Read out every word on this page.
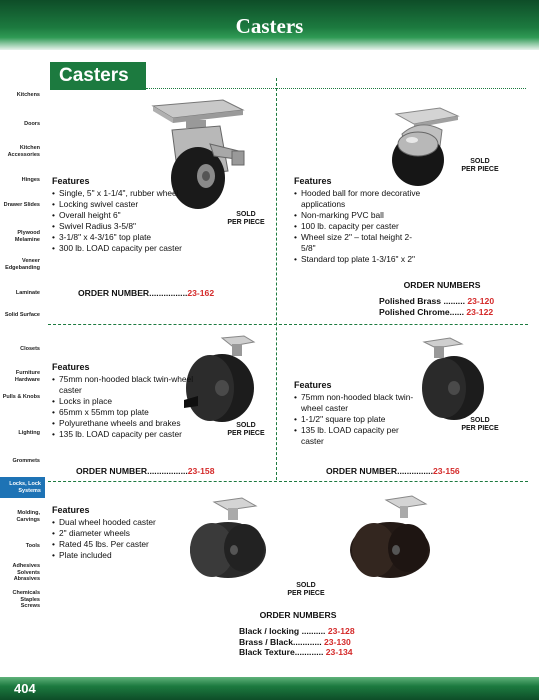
Casters
Kitchens
Doors
Kitchen Accessories
Hinges
Drawer Slides
Plywood Melamine
Veneer Edgebanding
Laminate
Solid Surface
Closets
Furniture Hardware
Pulls & Knobs
Lighting
Grommets
Locks, Lock Systems
Molding, Carvings
Tools
Adhesives Solvents Abrasives
Chemicals Staples Screws
Casters
Features
• Single, 5" x 1-1/4", rubber wheel
• Locking swivel caster
• Overall height 6"
• Swivel Radius 3-5/8"
• 3-1/8" x 4-3/16" top plate
• 300 lb. LOAD capacity per caster
SOLD
PER PIECE
ORDER NUMBER................23-162
SOLD
PER PIECE
Features
• Hooded ball for more decorative applications
• Non-marking PVC ball
• 100 lb. capacity per caster
• Wheel size 2" – total height 2-5/8"
• Standard top plate 1-3/16" x 2"
ORDER NUMBERS
Polished Brass ......... 23-120
Polished Chrome...... 23-122
Features
• 75mm non-hooded black twin-wheel caster
• Locks in place
• 65mm x 55mm top plate
• Polyurethane wheels and brakes
• 135 lb. LOAD capacity per caster
SOLD
PER PIECE
ORDER NUMBER.................23-158
Features
• 75mm non-hooded black twin-wheel caster
• 1-1/2" square top plate
• 135 lb. LOAD capacity per caster
SOLD
PER PIECE
ORDER NUMBER...............23-156
Features
• Dual wheel hooded caster
• 2" diameter wheels
• Rated 45 lbs. Per caster
• Plate included
SOLD
PER PIECE
ORDER NUMBERS
Black / locking .......... 23-128
Brass / Black............ 23-130
Black Texture............ 23-134
404
